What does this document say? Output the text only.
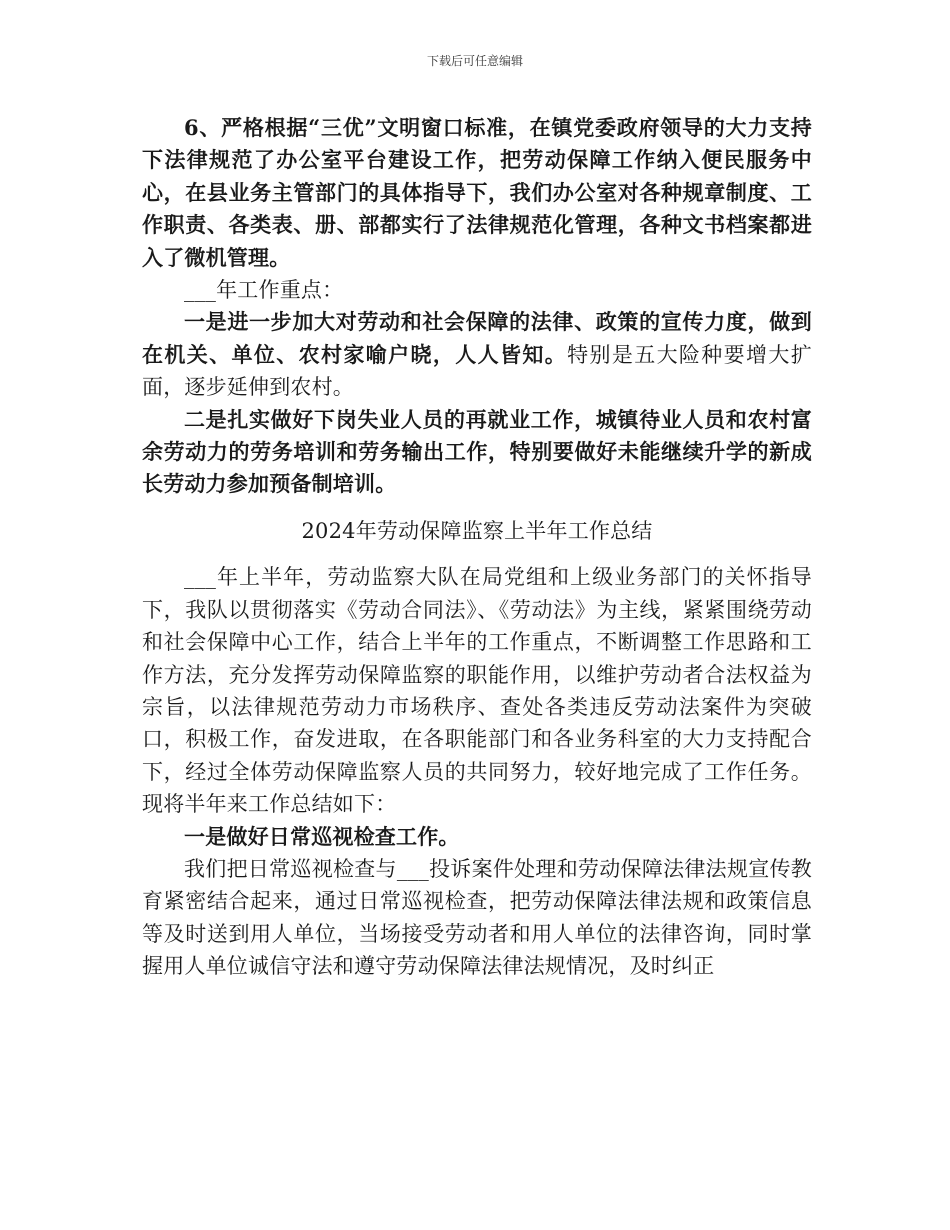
下载后可任意编辑

6、严格根据“三优”文明窗口标准，在镇党委政府领导的大力支持下法律规范了办公室平台建设工作，把劳动保障工作纳入便民服务中心，在县业务主管部门的具体指导下，我们办公室对各种规章制度、工作职责、各类表、册、部都实行了法律规范化管理，各种文书档案都进入了微机管理。

___年工作重点：

一是进一步加大对劳动和社会保障的法律、政策的宣传力度，做到在机关、单位、农村家喻户晓，人人皆知。特别是五大险种要增大扩面，逐步延伸到农村。

二是扎实做好下岗失业人员的再就业工作，城镇待业人员和农村富余劳动力的劳务培训和劳务输出工作，特别要做好未能继续升学的新成长劳动力参加预备制培训。

2024年劳动保障监察上半年工作总结

___年上半年，劳动监察大队在局党组和上级业务部门的关怀指导下，我队以贯彻落实《劳动合同法》、《劳动法》为主线，紧紧围绕劳动和社会保障中心工作，结合上半年的工作重点，不断调整工作思路和工作方法，充分发挥劳动保障监察的职能作用，以维护劳动者合法权益为宗旨，以法律规范劳动力市场秩序、查处各类违反劳动法案件为突破口，积极工作，奋发进取，在各职能部门和各业务科室的大力支持配合下，经过全体劳动保障监察人员的共同努力，较好地完成了工作任务。现将半年来工作总结如下：

一是做好日常巡视检查工作。

我们把日常巡视检查与___投诉案件处理和劳动保障法律法规宣传教育紧密结合起来，通过日常巡视检查，把劳动保障法律法规和政策信息等及时送到用人单位，当场接受劳动者和用人单位的法律咨询，同时掌握用人单位诚信守法和遵守劳动保障法律法规情况，及时纠正
